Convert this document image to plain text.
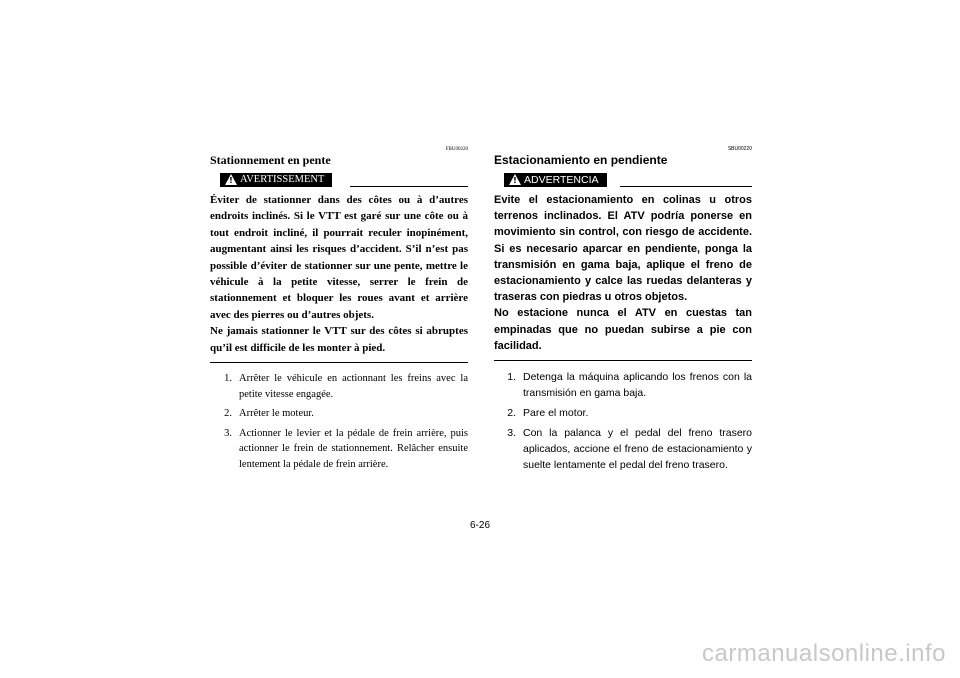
FBU00220
Stationnement en pente
! AVERTISSEMENT

Éviter de stationner dans des côtes ou à d’autres endroits inclinés. Si le VTT est garé sur une côte ou à tout endroit incliné, il pourrait reculer inopinément, augmentant ainsi les risques d’accident. S’il n’est pas possible d’éviter de stationner sur une pente, mettre le véhicule à la petite vitesse, serrer le frein de stationnement et bloquer les roues avant et arrière avec des pierres ou d’autres objets.

Ne jamais stationner le VTT sur des côtes si abruptes qu’il est difficile de les monter à pied.

1. Arrêter le véhicule en actionnant les freins avec la petite vitesse engagée.
2. Arrêter le moteur.
3. Actionner le levier et la pédale de frein arrière, puis actionner le frein de stationnement. Relâcher ensuite lentement la pédale de frein arrière.
SBU00220
Estacionamiento en pendiente
! ADVERTENCIA

Evite el estacionamiento en colinas u otros terrenos inclinados. El ATV podría ponerse en movimiento sin control, con riesgo de accidente. Si es necesario aparcar en pendiente, ponga la transmisión en gama baja, aplique el freno de estacionamiento y calce las ruedas delanteras y traseras con piedras u otros objetos.

No estacione nunca el ATV en cuestas tan empinadas que no puedan subirse a pie con facilidad.

1. Detenga la máquina aplicando los frenos con la transmisión en gama baja.
2. Pare el motor.
3. Con la palanca y el pedal del freno trasero aplicados, accione el freno de estacionamiento y suelte lentamente el pedal del freno trasero.
6-26
carmanualsonline.info
